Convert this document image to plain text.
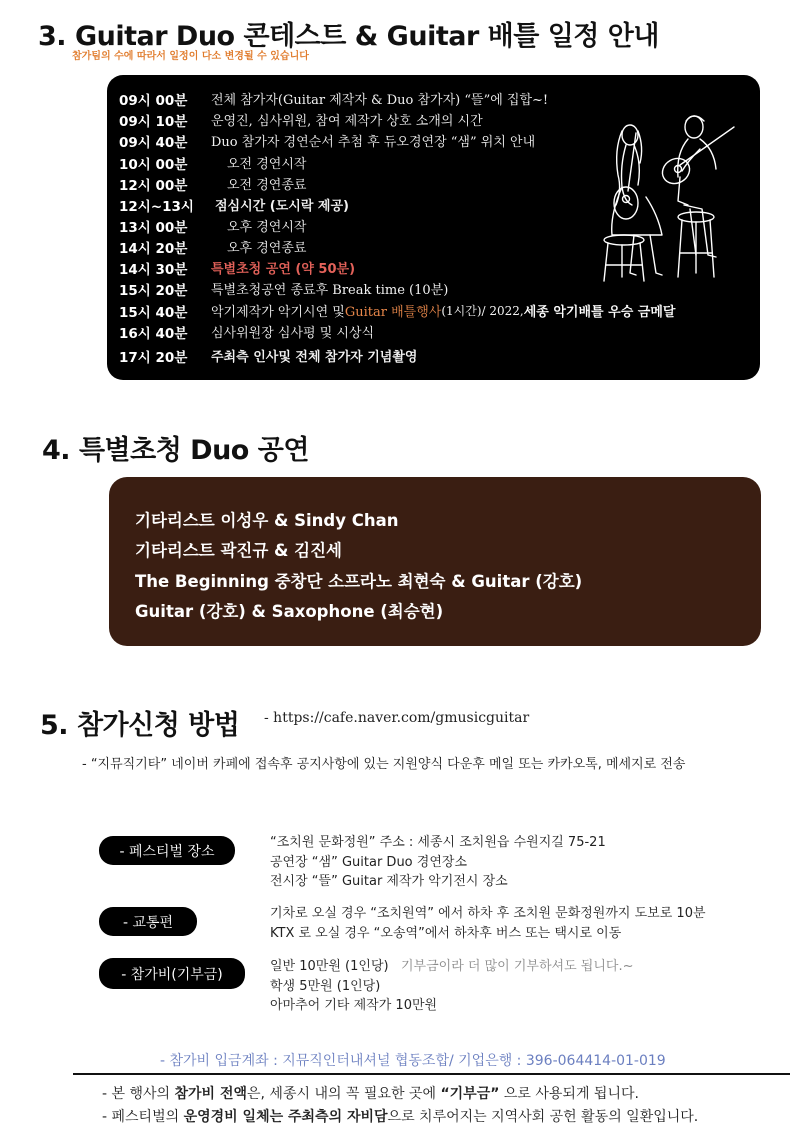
3. Guitar Duo 콘테스트 & Guitar 배틀 일정 안내
참가팀의 수에 따라서 일정이 다소 변경될 수 있습니다
09시 00분	전체 참가자(Guitar 제작자 & Duo 참가자) “뜰”에 집합~!
09시 10분	운영진, 심사위원, 참여 제작가 상호 소개의 시간
09시 40분	Duo 참가자 경연순서 추첨 후 듀오경연장 “샘” 위치 안내
10시 00분	오전 경연시작
12시 00분	오전 경연종료
12시~13시	점심시간 (도시락 제공)
13시 00분	오후 경연시작
14시 20분	오후 경연종료
14시 30분	특별초청 공연 (약 50분)
15시 20분	특별초청공연 종료후 Break time (10분)
15시 40분	악기제작가 악기시연 및 Guitar 배틀행사 (1시간)/ 2022, 세종 악기배틀 우승 금메달
16시 40분	심사위원장 심사평 및 시상식
17시 20분	주최측 인사및 전체 참가자 기념촬영
4. 특별초청 Duo 공연
기타리스트 이성우 & Sindy Chan
기타리스트 곽진규 & 김진세
The Beginning 중창단 소프라노 최현숙 & Guitar (강호)
Guitar (강호) & Saxophone (최승현)
5. 참가신청 방법 - https://cafe.naver.com/gmusicguitar
- “지뮤직기타” 네이버 카페에 접속후 공지사항에 있는 지원양식 다운후 메일 또는 카카오톡, 메세지로 전송
- 페스티벌 장소
“조치원 문화정원” 주소 : 세종시 조치원읍 수원지길 75-21
공연장 “샘” Guitar Duo 경연장소
전시장 “뜰” Guitar 제작가 악기전시 장소
- 교통편
기차로 오실 경우 “조치원역” 에서 하차 후 조치원 문화정원까지 도보로 10분
KTX 로 오실 경우 “오송역”에서 하차후 버스 또는 택시로 이동
- 참가비(기부금)	일반 10만원 (1인당) 기부금이라 더 많이 기부하셔도 됩니다.~
학생 5만원 (1인당)
아마추어 기타 제작가 10만원
- 참가비 입금계좌 : 지뮤직인터내셔널 협동조합/ 기업은행 : 396-064414-01-019
- 본 행사의 참가비 전액은, 세종시 내의 꼭 필요한 곳에 “기부금” 으로 사용되게 됩니다.
- 페스티벌의 운영경비 일체는 주최측의 자비담으로 치루어지는 지역사회 공헌 활동의 일환입니다.
